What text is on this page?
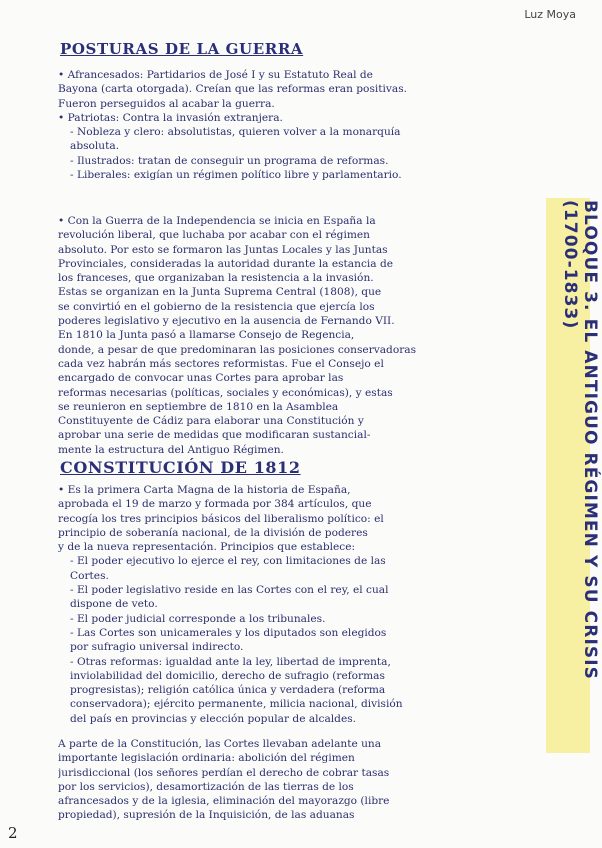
Luz Moya
POSTURAS DE LA GUERRA
• Afrancesados: Partidarios de José I y su Estatuto Real de
Bayona (carta otorgada). Creían que las reformas eran positivas.
Fueron perseguidos al acabar la guerra.
• Patriotas: Contra la invasión extranjera.
- Nobleza y clero: absolutistas, quieren volver a la monarquía
absoluta.
- Ilustrados: tratan de conseguir un programa de reformas.
- Liberales: exigían un régimen político libre y parlamentario.
• Con la Guerra de la Independencia se inicia en España la
revolución liberal, que luchaba por acabar con el régimen
absoluto. Por esto se formaron las Juntas Locales y las Juntas
Provinciales, consideradas la autoridad durante la estancia de
los franceses, que organizaban la resistencia a la invasión.
Estas se organizan en la Junta Suprema Central (1808), que
se convirtió en el gobierno de la resistencia que ejercía los
poderes legislativo y ejecutivo en la ausencia de Fernando VII.
En 1810 la Junta pasó a llamarse Consejo de Regencia,
donde, a pesar de que predominaran las posiciones conservadoras
cada vez habrán más sectores reformistas. Fue el Consejo el
encargado de convocar unas Cortes para aprobar las
reformas necesarias (políticas, sociales y económicas), y estas
se reunieron en septiembre de 1810 en la Asamblea
Constituyente de Cádiz para elaborar una Constitución y
aprobar una serie de medidas que modificaran sustancial-
mente la estructura del Antiguo Régimen.
CONSTITUCIÓN DE 1812
• Es la primera Carta Magna de la historia de España,
aprobada el 19 de marzo y formada por 384 artículos, que
recogía los tres principios básicos del liberalismo político: el
principio de soberanía nacional, de la división de poderes
y de la nueva representación. Principios que establece:
- El poder ejecutivo lo ejerce el rey, con limitaciones de las
Cortes.
- El poder legislativo reside en las Cortes con el rey, el cual
dispone de veto.
- El poder judicial corresponde a los tribunales.
- Las Cortes son unicamerales y los diputados son elegidos
por sufragio universal indirecto.
- Otras reformas: igualdad ante la ley, libertad de imprenta,
inviolabilidad del domicilio, derecho de sufragio (reformas
progresistas); religión católica única y verdadera (reforma
conservadora); ejército permanente, milicia nacional, división
del país en provincias y elección popular de alcaldes.
A parte de la Constitución, las Cortes llevaban adelante una
importante legislación ordinaria: abolición del régimen
jurisdiccional (los señores perdían el derecho de cobrar tasas
por los servicios), desamortización de las tierras de los
afrancesados y de la iglesia, eliminación del mayorazgo (libre
propiedad), supresión de la Inquisición, de las aduanas
BLOQUE 3. EL ANTIGUO RÉGIMEN Y SU CRISIS (1700-1833)
2
